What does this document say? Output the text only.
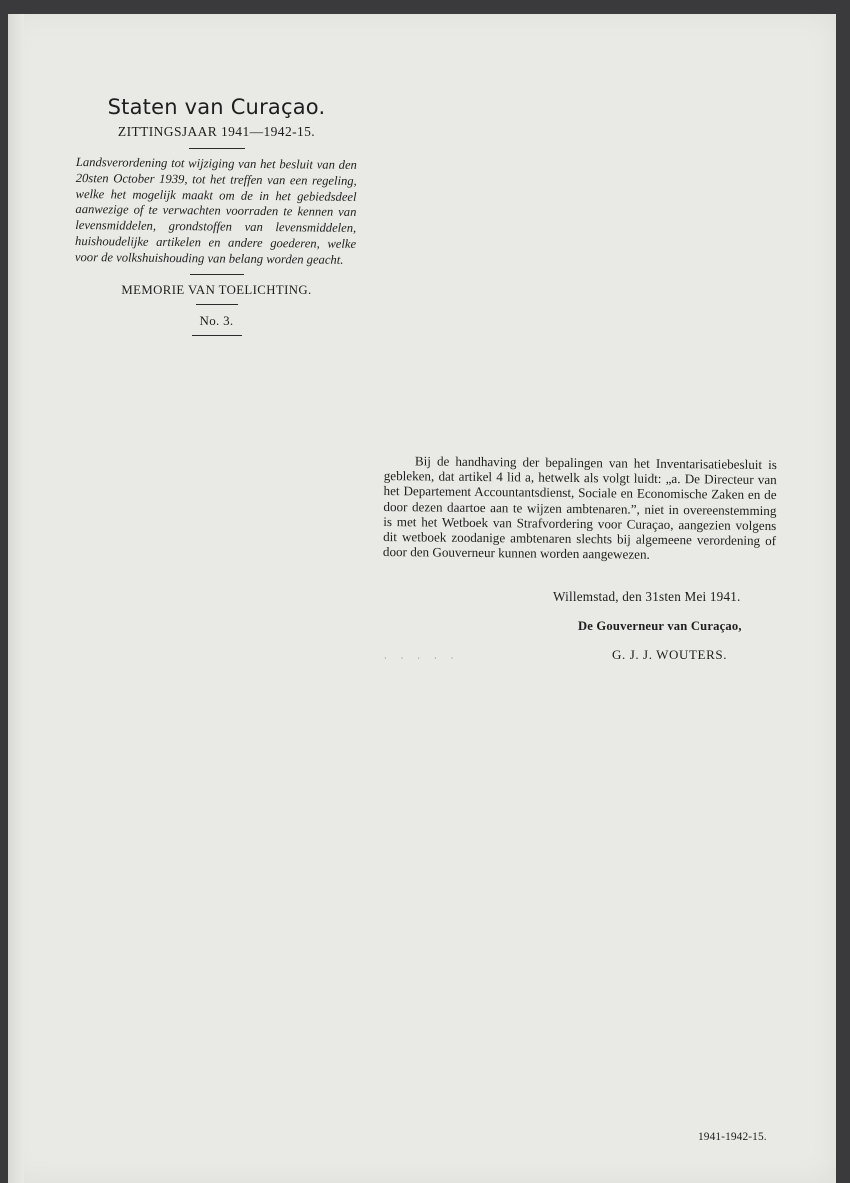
Staten van Curaçao.
ZITTINGSJAAR 1941—1942-15.

Landsverordening tot wijziging van het besluit van den 20sten October 1939, tot het treffen van een regeling, welke het mogelijk maakt om de in het gebiedsdeel aanwezige of te verwachten voorraden te kennen van levensmiddelen, grondstoffen van levensmiddelen, huishoudelijke artikelen en andere goederen, welke voor de volkshuishouding van belang worden geacht.

MEMORIE VAN TOELICHTING.

No. 3.

Bij de handhaving der bepalingen van het Inventarisatiebesluit is gebleken, dat artikel 4 lid a, hetwelk als volgt luidt: „a. De Directeur van het Departement Accountantsdienst, Sociale en Economische Zaken en de door dezen daartoe aan te wijzen ambtenaren.”, niet in overeenstemming is met het Wetboek van Strafvordering voor Curaçao, aangezien volgens dit wetboek zoodanige ambtenaren slechts bij algemeene verordening of door den Gouverneur kunnen worden aangewezen.

Willemstad, den 31sten Mei 1941.
De Gouverneur van Curaçao,
G. J. J. WOUTERS.
· · · · ·
1941-1942-15.
